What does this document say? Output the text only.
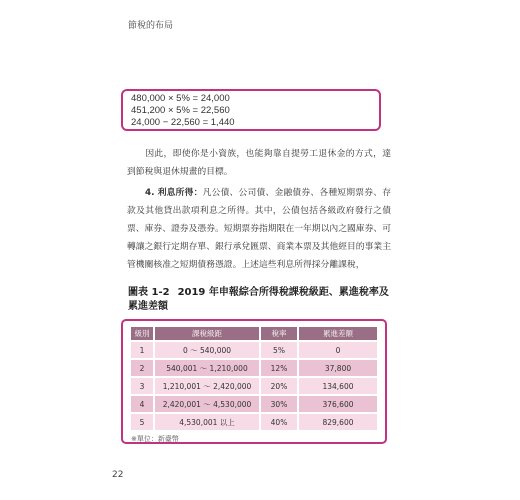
節稅的布局
480,000 × 5% = 24,000
451,200 × 5% = 22,560
24,000 − 22,560 = 1,440
因此，即使你是小資族，也能夠靠自提勞工退休金的方式，達到節稅與退休規畫的目標。
4. 利息所得：凡公債、公司債、金融債券、各種短期票券、存款及其他貸出款項利息之所得。其中，公債包括各級政府發行之債票、庫券、證券及憑券。短期票券指期限在一年期以內之國庫券、可轉讓之銀行定期存單、銀行承兌匯票、商業本票及其他經目的事業主管機關核准之短期債務憑證。上述這些利息所得採分離課稅，
圖表 1-2 2019 年申報綜合所得稅課稅級距、累進稅率及累進差額
級別	課稅級距	稅率	累進差額
1	0 ～ 540,000	5%	0
2	540,001 ～ 1,210,000	12%	37,800
3	1,210,001 ～ 2,420,000	20%	134,600
4	2,420,001 ～ 4,530,000	30%	376,600
5	4,530,001 以上	40%	829,600
※單位：新臺幣
22
